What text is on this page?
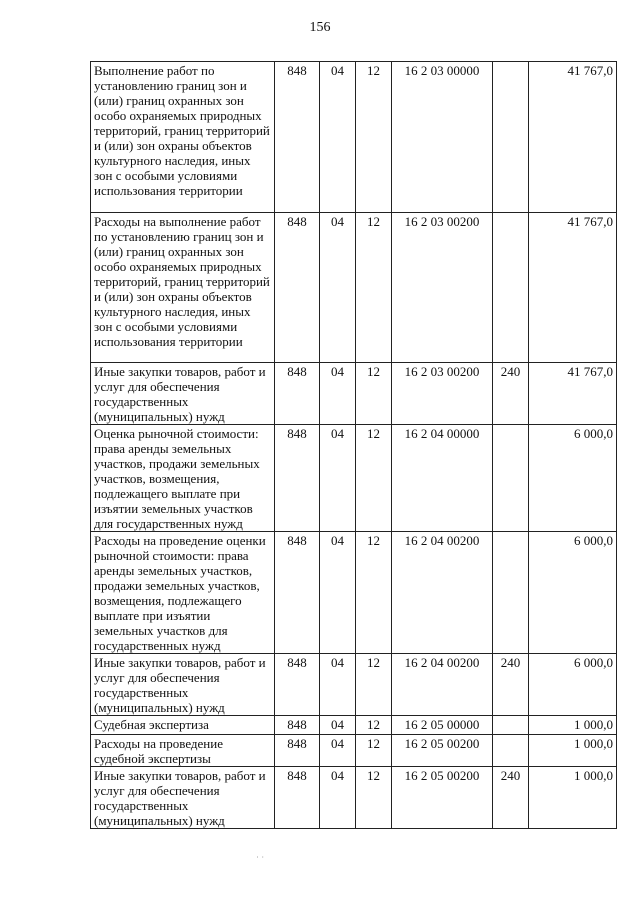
156
Выполнение работ по установлению границ зон и (или) границ охранных зон особо охраняемых природных территорий, границ территорий и (или) зон охраны объектов культурного наследия, иных зон с особыми условиями использования территории	848	04	12	16 2 03 00000		41 767,0
Расходы на выполнение работ по установлению границ зон и (или) границ охранных зон особо охраняемых природных территорий, границ территорий и (или) зон охраны объектов культурного наследия, иных зон с особыми условиями использования территории	848	04	12	16 2 03 00200		41 767,0
Иные закупки товаров, работ и услуг для обеспечения государственных (муниципальных) нужд	848	04	12	16 2 03 00200	240	41 767,0
Оценка рыночной стоимости: права аренды земельных участков, продажи земельных участков, возмещения, подлежащего выплате при изъятии земельных участков для государственных нужд	848	04	12	16 2 04 00000		6 000,0
Расходы на проведение оценки рыночной стоимости: права аренды земельных участков, продажи земельных участков, возмещения, подлежащего выплате при изъятии земельных участков для государственных нужд	848	04	12	16 2 04 00200		6 000,0
Иные закупки товаров, работ и услуг для обеспечения государственных (муниципальных) нужд	848	04	12	16 2 04 00200	240	6 000,0
Судебная экспертиза	848	04	12	16 2 05 00000		1 000,0
Расходы на проведение судебной экспертизы	848	04	12	16 2 05 00200		1 000,0
Иные закупки товаров, работ и услуг для обеспечения государственных (муниципальных) нужд	848	04	12	16 2 05 00200	240	1 000,0
˙ ˙
